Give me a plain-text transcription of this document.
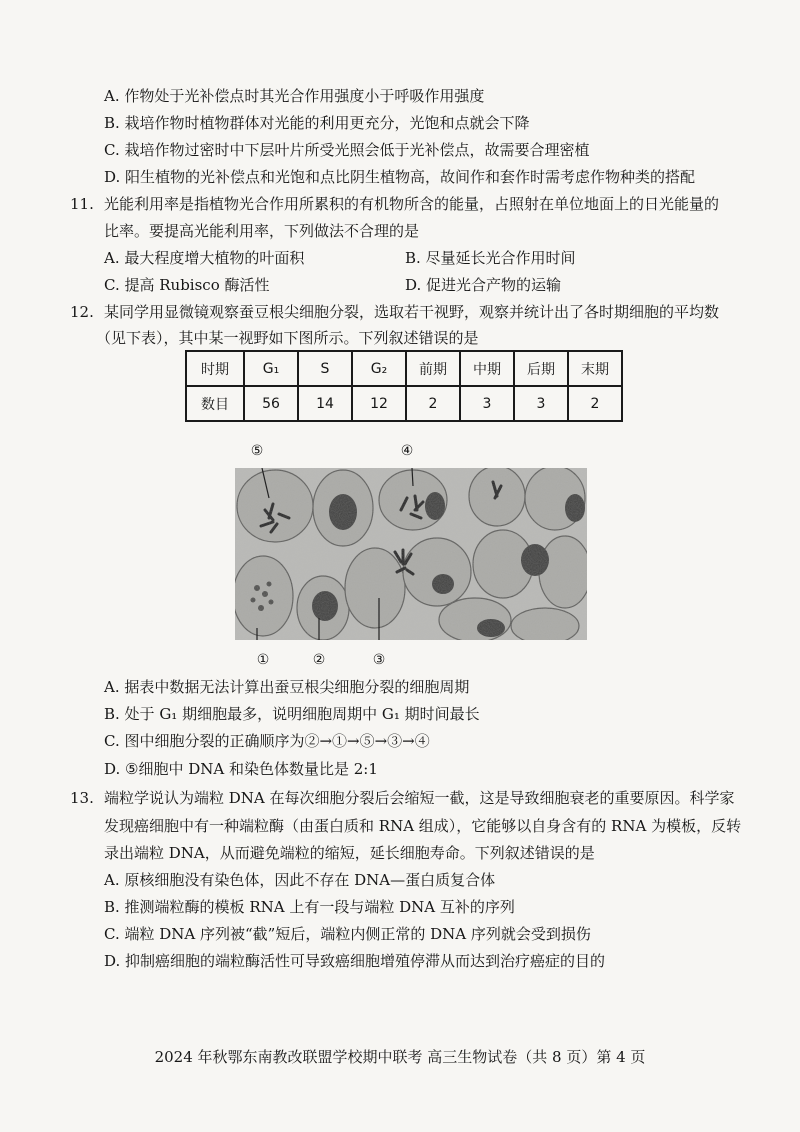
A. 作物处于光补偿点时其光合作用强度小于呼吸作用强度
B. 栽培作物时植物群体对光能的利用更充分，光饱和点就会下降
C. 栽培作物过密时中下层叶片所受光照会低于光补偿点，故需要合理密植
D. 阳生植物的光补偿点和光饱和点比阴生植物高，故间作和套作时需考虑作物种类的搭配
11. 光能利用率是指植物光合作用所累积的有机物所含的能量，占照射在单位地面上的日光能量的
比率。要提高光能利用率，下列做法不合理的是
A. 最大程度增大植物的叶面积	B. 尽量延长光合作用时间
C. 提高 Rubisco 酶活性	D. 促进光合产物的运输
12. 某同学用显微镜观察蚕豆根尖细胞分裂，选取若干视野，观察并统计出了各时期细胞的平均数
（见下表），其中某一视野如下图所示。下列叙述错误的是
时期	G₁	S	G₂	前期	中期	后期	末期
数目	56	14	12	2	3	3	2
⑤	④
①	②	③
A. 据表中数据无法计算出蚕豆根尖细胞分裂的细胞周期
B. 处于 G₁ 期细胞最多，说明细胞周期中 G₁ 期时间最长
C. 图中细胞分裂的正确顺序为②→①→⑤→③→④
D. ⑤细胞中 DNA 和染色体数量比是 2:1
13. 端粒学说认为端粒 DNA 在每次细胞分裂后会缩短一截，这是导致细胞衰老的重要原因。科学家
发现癌细胞中有一种端粒酶（由蛋白质和 RNA 组成），它能够以自身含有的 RNA 为模板，反转
录出端粒 DNA，从而避免端粒的缩短，延长细胞寿命。下列叙述错误的是
A. 原核细胞没有染色体，因此不存在 DNA—蛋白质复合体
B. 推测端粒酶的模板 RNA 上有一段与端粒 DNA 互补的序列
C. 端粒 DNA 序列被“截”短后，端粒内侧正常的 DNA 序列就会受到损伤
D. 抑制癌细胞的端粒酶活性可导致癌细胞增殖停滞从而达到治疗癌症的目的
2024 年秋鄂东南教改联盟学校期中联考 高三生物试卷（共 8 页）第 4 页
